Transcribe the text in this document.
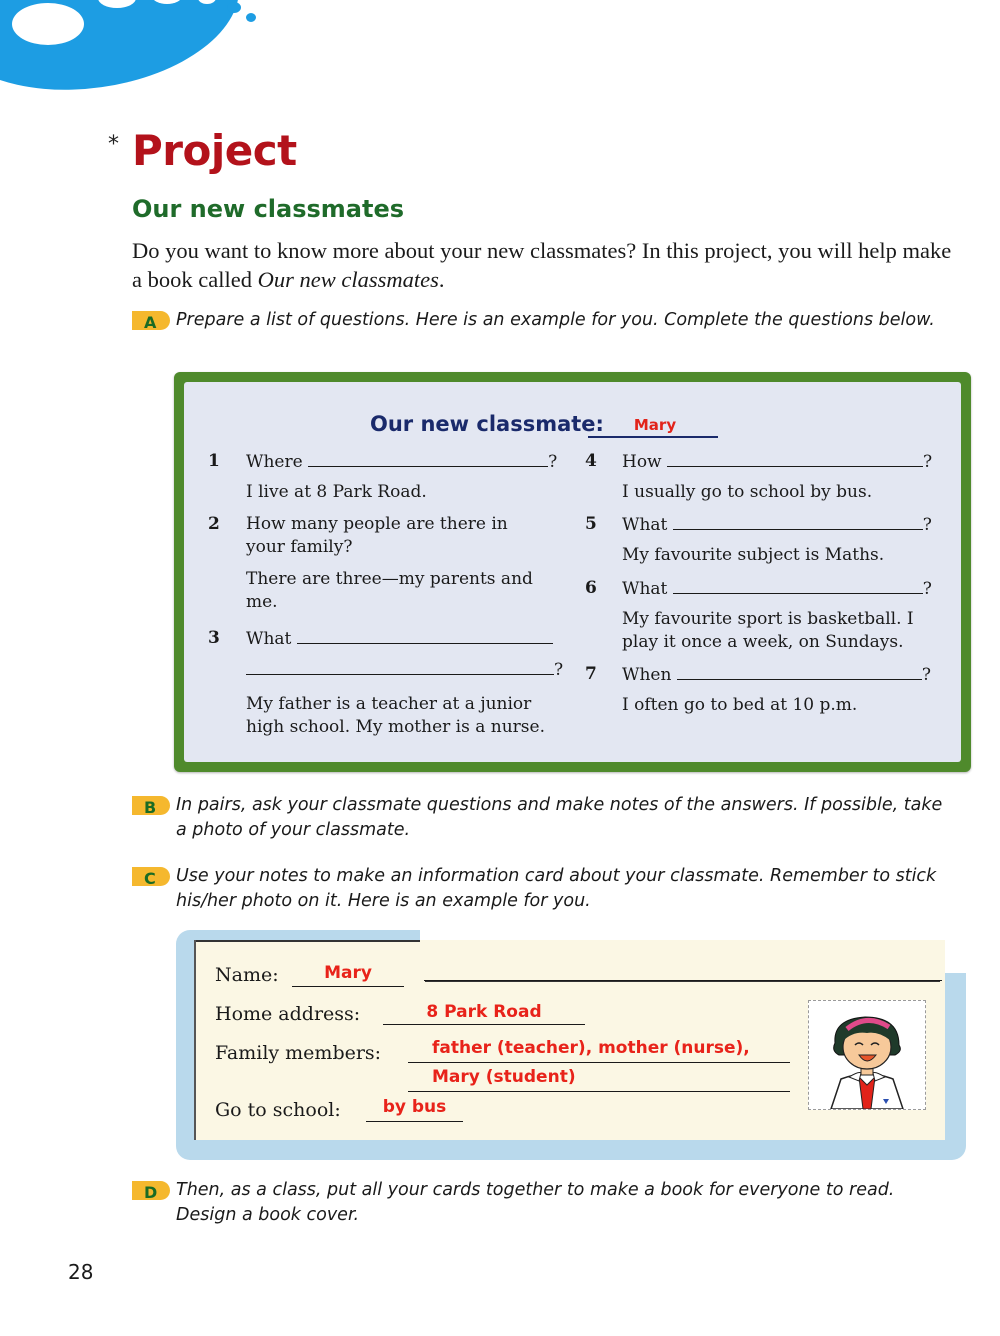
* Project
Our new classmates
Do you want to know more about your new classmates? In this project, you will help make a book called Our new classmates.
A Prepare a list of questions. Here is an example for you. Complete the questions below.
Our new classmate:	Mary
1 Where	?
I live at 8 Park Road.
2 How many people are there in your family?
There are three—my parents and me.
3 What
?
My father is a teacher at a junior high school. My mother is a nurse.
4 How	?
I usually go to school by bus.
5 What	?
My favourite subject is Maths.
6 What	?
My favourite sport is basketball. I play it once a week, on Sundays.
7 When	?
I often go to bed at 10 p.m.
B In pairs, ask your classmate questions and make notes of the answers. If possible, take a photo of your classmate.
C Use your notes to make an information card about your classmate. Remember to stick his/her photo on it. Here is an example for you.
Name:	Mary
Home address:	8 Park Road
Family members:	father (teacher), mother (nurse),
Mary (student)
Go to school:	by bus
D Then, as a class, put all your cards together to make a book for everyone to read. Design a book cover.
28
